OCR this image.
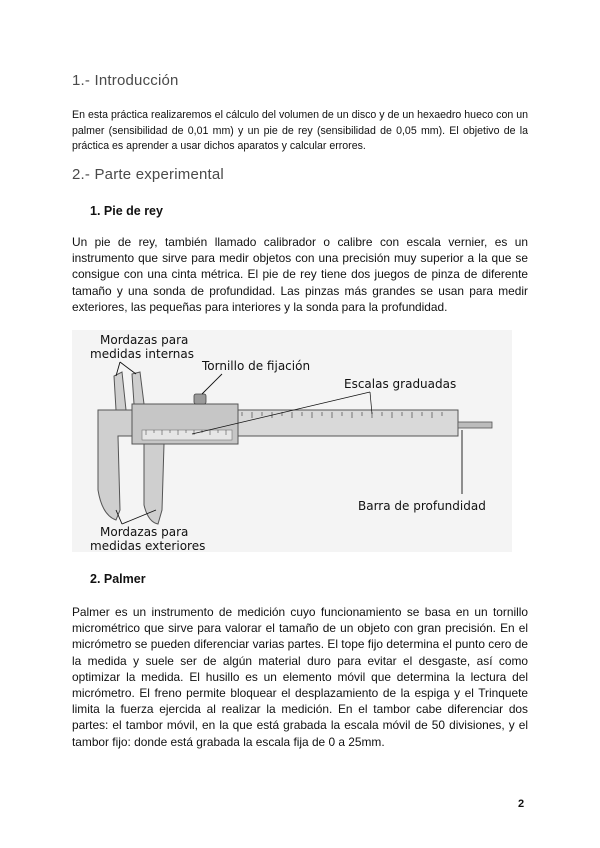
1.- Introducción
En esta práctica realizaremos el cálculo del volumen de un disco y de un hexaedro hueco con un palmer (sensibilidad de 0,01 mm) y un pie de rey (sensibilidad de 0,05 mm). El objetivo de la práctica es aprender a usar dichos aparatos y calcular errores.
2.- Parte experimental
1. Pie de rey
Un pie de rey, también llamado calibrador o calibre con escala vernier, es un instrumento que sirve para medir objetos con una precisión muy superior a la que se consigue con una cinta métrica. El pie de rey tiene dos juegos de pinza de diferente tamaño y una sonda de profundidad. Las pinzas más grandes se usan para medir exteriores, las pequeñas para interiores y la sonda para la profundidad.
Mordazas para
medidas internas
Tornillo de fijación
Escalas graduadas
Barra de profundidad
Mordazas para
medidas exteriores
2. Palmer
Palmer es un instrumento de medición cuyo funcionamiento se basa en un tornillo micrométrico que sirve para valorar el tamaño de un objeto con gran precisión. En el micrómetro se pueden diferenciar varias partes. El tope fijo determina el punto cero de la medida y suele ser de algún material duro para evitar el desgaste, así como optimizar la medida. El husillo es un elemento móvil que determina la lectura del micrómetro. El freno permite bloquear el desplazamiento de la espiga y el Trinquete limita la fuerza ejercida al realizar la medición. En el tambor cabe diferenciar dos partes: el tambor móvil, en la que está grabada la escala móvil de 50 divisiones, y el tambor fijo: donde está grabada la escala fija de 0 a 25mm.
2
